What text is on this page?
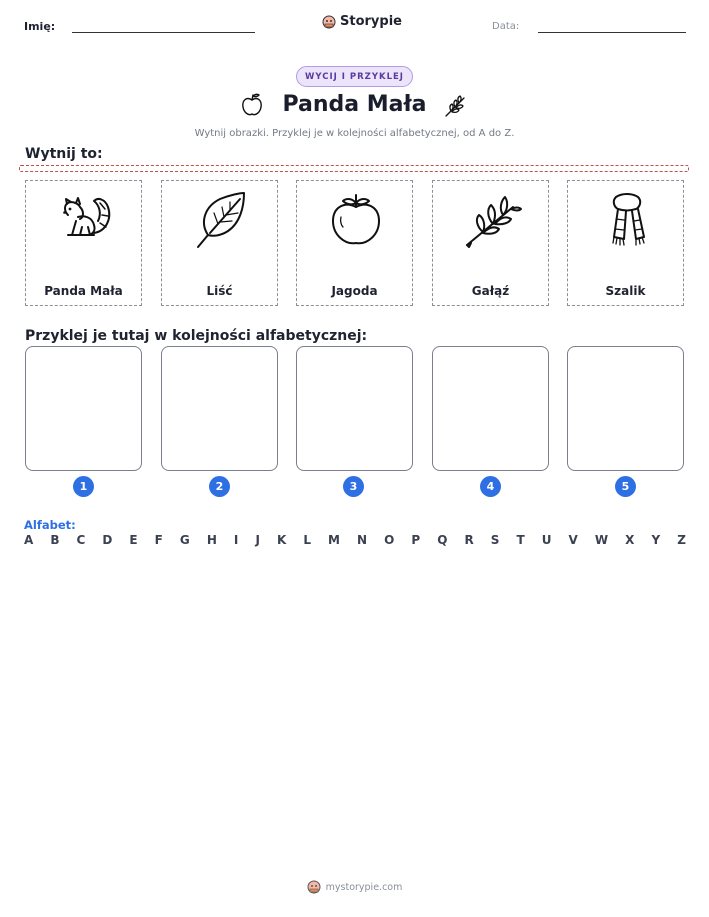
Imię:	Storypie	Data:
WYCIJ I PRZYKLEJ
Panda Mała
Wytnij obrazki. Przyklej je w kolejności alfabetycznej, od A do Z.
Wytnij to:
Panda Mała	Liść	Jagoda	Gałąź	Szalik
Przyklej je tutaj w kolejności alfabetycznej:
1	2	3	4	5
Alfabet:
A B C D E F G H I J K L M N O P Q R S T U V W X Y Z
mystorypie.com
